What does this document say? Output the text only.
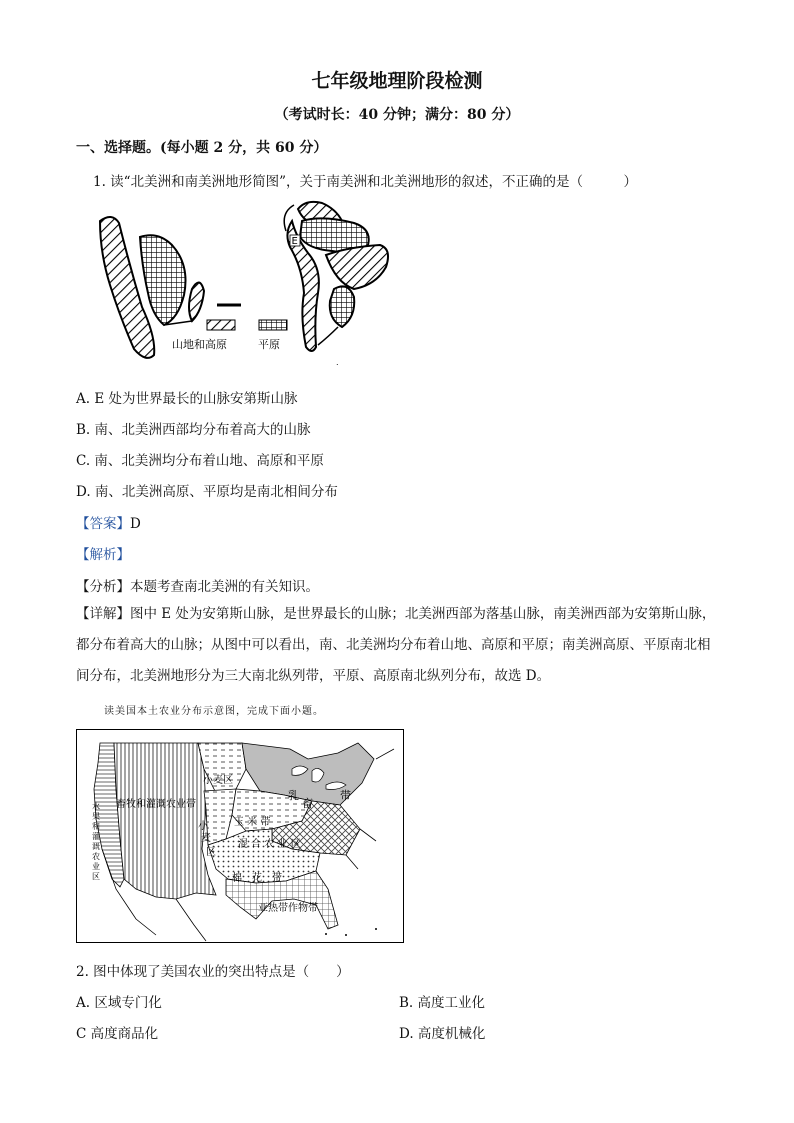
七年级地理阶段检测
（考试时长：40 分钟；满分：80 分）
一、选择题。(每小题 2 分，共 60 分）
1. 读“北美洲和南美洲地形简图”，关于南美洲和北美洲地形的叙述，不正确的是（　　　）
E
山地和高原	平原
.
A. E 处为世界最长的山脉安第斯山脉
B. 南、北美洲西部均分布着高大的山脉
C. 南、北美洲均分布着山地、高原和平原
D. 南、北美洲高原、平原均是南北相间分布
【答案】D
【解析】
【分析】本题考查南北美洲的有关知识。
【详解】图中 E 处为安第斯山脉，是世界最长的山脉；北美洲西部为落基山脉，南美洲西部为安第斯山脉，都分布着高大的山脉；从图中可以看出，南、北美洲均分布着山地、高原和平原；南美洲高原、平原南北相间分布，北美洲地形分为三大南北纵列带，平原、高原南北纵列分布，故选 D。
读美国本土农业分布示意图，完成下面小题。
小麦区
乳
畜
带
畜牧和灌溉农业带
玉 米 带
小
麦
区
混 合 农 业 区
棉　花　带
亚热带作物带
水果和灌溉农业区
2. 图中体现了美国农业的突出特点是（　　）
A. 区域专门化	B. 高度工业化
C 高度商品化	D. 高度机械化
